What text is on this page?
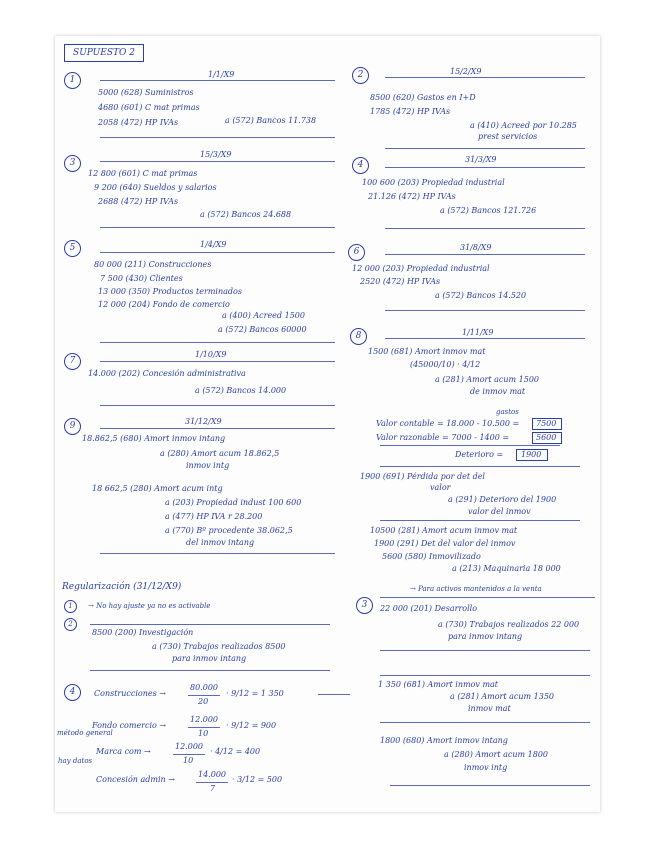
SUPUESTO 2
1
1/1/X9
5000 (628) Suministros
4680 (601) C mat primas
2058 (472) HP IVAs	a (572) Bancos 11.738
3
15/3/X9
12 800 (601) C mat primas
9 200 (640) Sueldos y salarios
2688 (472) HP IVAs
a (572) Bancos 24.688
5	1/4/X9
80 000 (211) Construcciones
7 500 (430) Clientes
13 000 (350) Productos terminados
12 000 (204) Fondo de comercio
a (400) Acreed 1500
a (572) Bancos 60000
7
1/10/X9
14.000 (202) Concesión administrativa
a (572) Bancos 14.000
9	31/12/X9
18.862,5 (680) Amort inmov intang
a (280) Amort acum 18.862,5
inmov intg
18 662,5 (280) Amort acum intg
a (203) Propiedad indust 100 600
a (477) HP IVA r 28.200
a (770) Bº procedente 38.062,5
del inmov intang
Regularización (31/12/X9)
1	→ No hay ajuste ya no es activable
2
8500 (200) Investigación
a (730) Trabajos realizados 8500
para inmov intang
4	Construcciones →
80.000
20
· 9/12 = 1 350
Fondo comercio →
12.000
10
· 9/12 = 900
método general
Marca com →
12.000
10
· 4/12 = 400
hay datos
Concesión admin →
14.000
7
· 3/12 = 500
2	15/2/X9
8500 (620) Gastos en I+D
1785 (472) HP IVAs
a (410) Acreed por 10.285
prest servicios
4
31/3/X9
100 600 (203) Propiedad industrial
21.126 (472) HP IVAs
a (572) Bancos 121.726
6	31/8/X9
12 000 (203) Propiedad industrial
2520 (472) HP IVAs
a (572) Bancos 14.520
8	1/11/X9
1500 (681) Amort inmov mat
(45000/10) · 4/12
a (281) Amort acum 1500
de inmov mat
gastos
Valor contable = 18.000 - 10.500 = 7500
Valor razonable = 7000 - 1400 =	5600
Deterioro = 1900
1900 (691) Pérdida por det del
valor
a (291) Deterioro del 1900
valor del inmov
10500 (281) Amort acum inmov mat
1900 (291) Det del valor del inmov
5600 (580) Inmovilizado
a (213) Maquinaria 18 000
→ Para activos mantenidos a la venta
3	22 000 (201) Desarrollo
a (730) Trabajos realizados 22 000
para inmov intang
1 350 (681) Amort inmov mat
a (281) Amort acum 1350
inmov mat
1800 (680) Amort inmov intang
a (280) Amort acum 1800
inmov intg
